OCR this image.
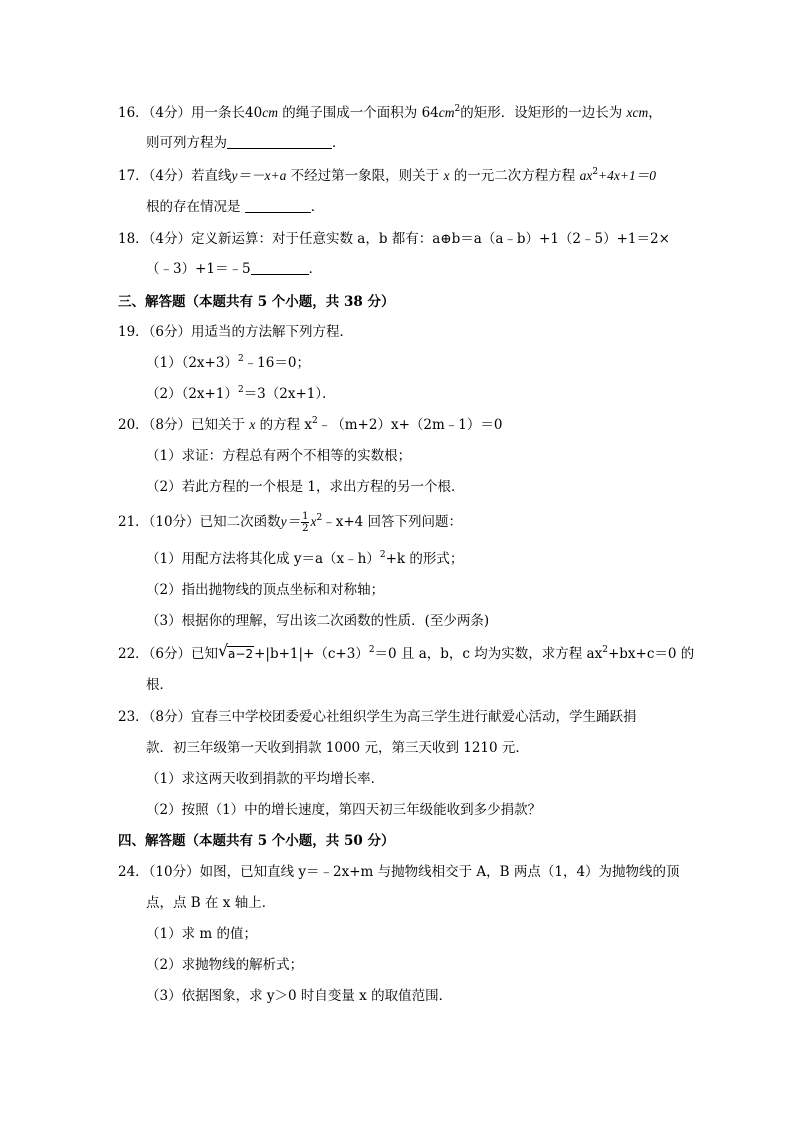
16．（4分）用一条长40cm 的绳子围成一个面积为 $64cm^2$的矩形．设矩形的一边长为 xcm，
则可列方程为	．
17．（4分）若直线y＝－x+a 不经过第一象限，则关于 x 的一元二次方程方程 $ax^2+4x+1=0$
根的存在情况是	．
18．（4分）定义新运算：对于任意实数 a，b 都有：a⊕b＝a（a﹣b）+1（2﹣5）+1＝2×
（﹣3）+1＝﹣5	．
三、解答题（本题共有 5 个小题，共 38 分）
19．（6分）用适当的方法解下列方程．
$(1)(2x+3)^2﹣16=0$；
$(2)(2x+1)^2=3(2x+1)$．
20．（8分）已知关于 x 的方程 $x^2﹣(m+2)x+(2m﹣1)=0$
（1）求证：方程总有两个不相等的实数根；
（2）若此方程的一个根是 1，求出方程的另一个根．
21．（10分）已知二次函数$y= \frac{1}{2}$ $x^2﹣x+4$ 回答下列问题：
（1）用配方法将其化成 y＝a（x﹣h）$^2$+k 的形式；
（2）指出抛物线的顶点坐标和对称轴；
（3）根据你的理解，写出该二次函数的性质．(至少两条)
22．（6分）已知 √ $a-2+|b+1|+(c+3)^2=0$ 且 a，b，c 均为实数，求方程 $ax^2+bx+c=0$ 的
根．
23．（8分）宜春三中学校团委爱心社组织学生为高三学生进行献爱心活动，学生踊跃捐
款．初三年级第一天收到捐款 1000 元，第三天收到 1210 元．
（1）求这两天收到捐款的平均增长率．
（2）按照（1）中的增长速度，第四天初三年级能收到多少捐款？
四、解答题（本题共有 5 个小题，共 50 分）
24．（10分）如图，已知直线 y＝﹣2x+m 与抛物线相交于 A，B 两点（1，4）为抛物线的顶
点，点 B 在 x 轴上．
（1）求 m 的值；
（2）求抛物线的解析式；
（3）依据图象，求 y＞0 时自变量 x 的取值范围．
